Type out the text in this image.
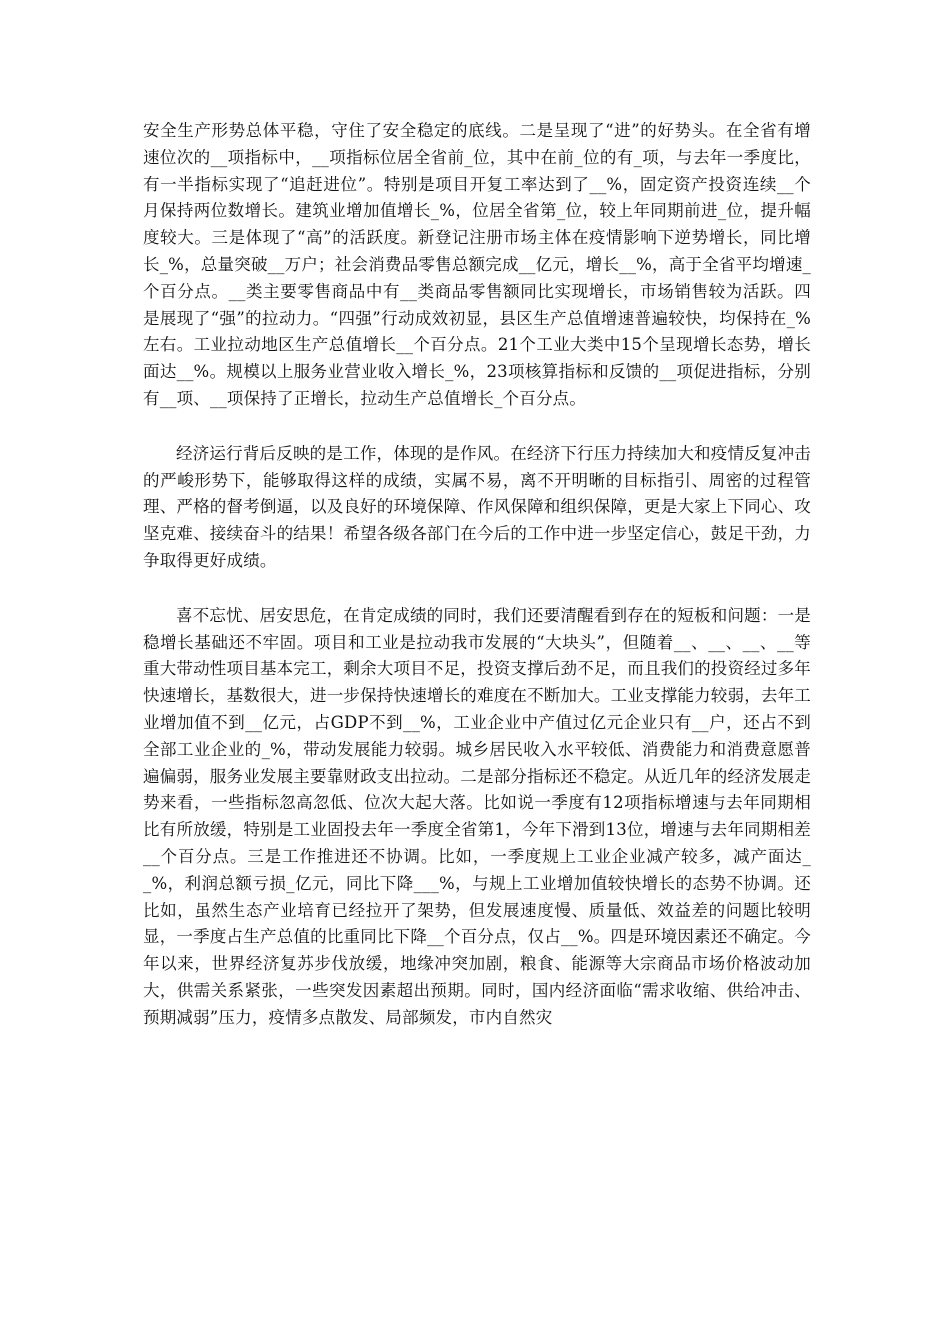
安全生产形势总体平稳，守住了安全稳定的底线。二是呈现了“进”的好势头。在全省有增速位次的__项指标中，__项指标位居全省前_位，其中在前_位的有_项，与去年一季度比，有一半指标实现了“追赶进位”。特别是项目开复工率达到了__%，固定资产投资连续__个月保持两位数增长。建筑业增加值增长_%，位居全省第_位，较上年同期前进_位，提升幅度较大。三是体现了“高”的活跃度。新登记注册市场主体在疫情影响下逆势增长，同比增长_%，总量突破__万户；社会消费品零售总额完成__亿元，增长__%，高于全省平均增速_个百分点。__类主要零售商品中有__类商品零售额同比实现增长，市场销售较为活跃。四是展现了“强”的拉动力。“四强”行动成效初显，县区生产总值增速普遍较快，均保持在_%左右。工业拉动地区生产总值增长__个百分点。21个工业大类中15个呈现增长态势，增长面达__%。规模以上服务业营业收入增长_%，23项核算指标和反馈的__项促进指标，分别有__项、__项保持了正增长，拉动生产总值增长_个百分点。

经济运行背后反映的是工作，体现的是作风。在经济下行压力持续加大和疫情反复冲击的严峻形势下，能够取得这样的成绩，实属不易，离不开明晰的目标指引、周密的过程管理、严格的督考倒逼，以及良好的环境保障、作风保障和组织保障，更是大家上下同心、攻坚克难、接续奋斗的结果！希望各级各部门在今后的工作中进一步坚定信心，鼓足干劲，力争取得更好成绩。

喜不忘忧、居安思危，在肯定成绩的同时，我们还要清醒看到存在的短板和问题：一是稳增长基础还不牢固。项目和工业是拉动我市发展的“大块头”，但随着__、__、__、__等重大带动性项目基本完工，剩余大项目不足，投资支撑后劲不足，而且我们的投资经过多年快速增长，基数很大，进一步保持快速增长的难度在不断加大。工业支撑能力较弱，去年工业增加值不到__亿元，占GDP不到__%，工业企业中产值过亿元企业只有__户，还占不到全部工业企业的_%，带动发展能力较弱。城乡居民收入水平较低、消费能力和消费意愿普遍偏弱，服务业发展主要靠财政支出拉动。二是部分指标还不稳定。从近几年的经济发展走势来看，一些指标忽高忽低、位次大起大落。比如说一季度有12项指标增速与去年同期相比有所放缓，特别是工业固投去年一季度全省第1，今年下滑到13位，增速与去年同期相差__个百分点。三是工作推进还不协调。比如，一季度规上工业企业减产较多，减产面达__%，利润总额亏损_亿元，同比下降___%，与规上工业增加值较快增长的态势不协调。还比如，虽然生态产业培育已经拉开了架势，但发展速度慢、质量低、效益差的问题比较明显，一季度占生产总值的比重同比下降__个百分点，仅占__%。四是环境因素还不确定。今年以来，世界经济复苏步伐放缓，地缘冲突加剧，粮食、能源等大宗商品市场价格波动加大，供需关系紧张，一些突发因素超出预期。同时，国内经济面临“需求收缩、供给冲击、预期减弱”压力，疫情多点散发、局部频发，市内自然灾
